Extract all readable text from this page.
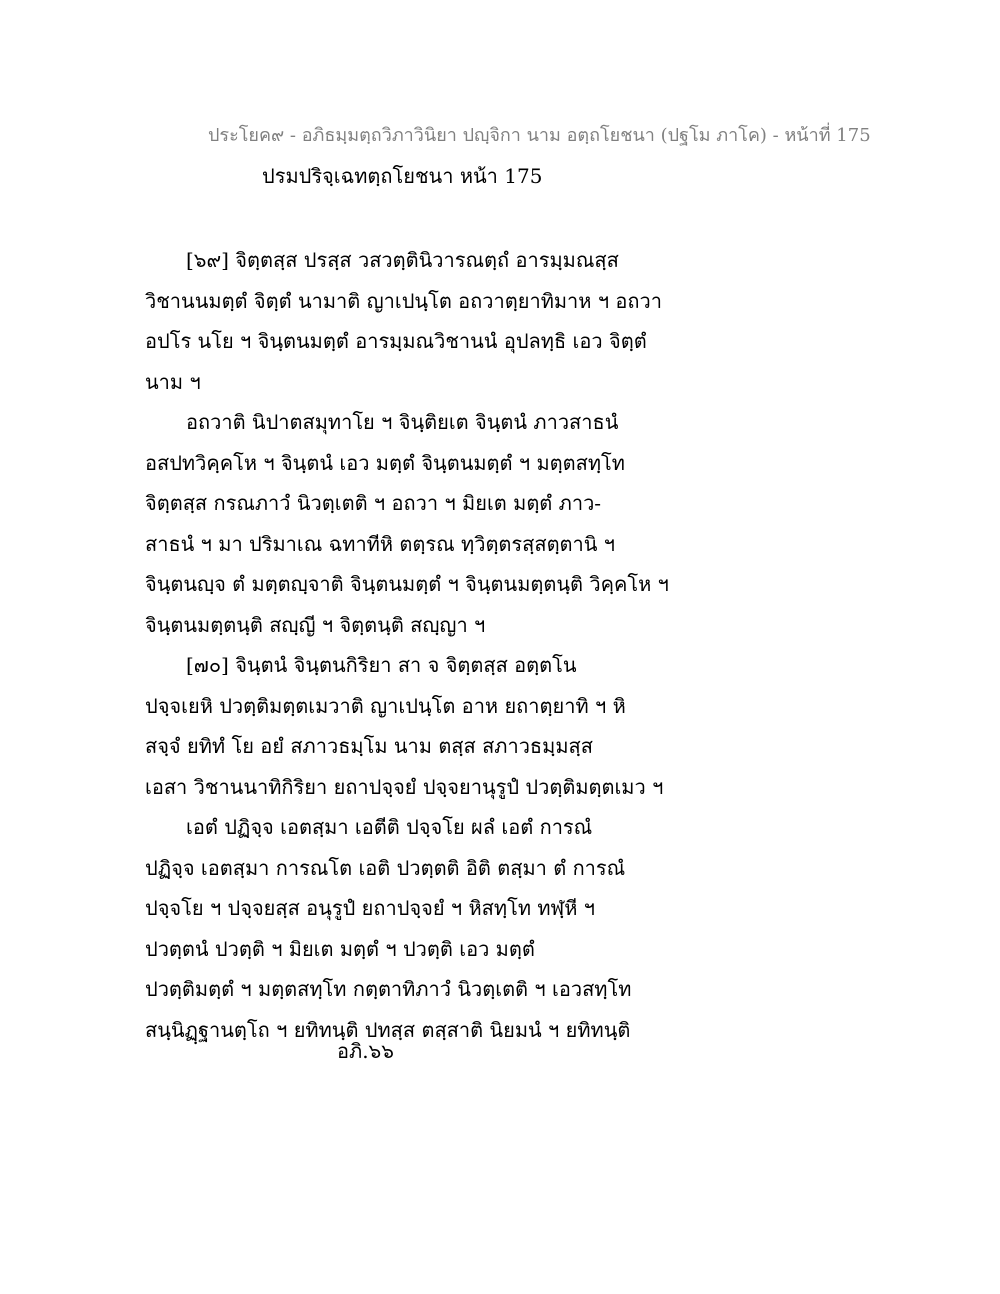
ประโยค๙ - อภิธมฺมตฺถวิภาวินิยา ปญฺจิกา นาม อตฺถโยชนา (ปฐโม ภาโค) - หน้าที่ 175
ปรมปริจฺเฉทตฺถโยชนา หน้า 175
[๖๙] จิตฺตสฺส ปรสฺส วสวตฺตินิวารณตฺถํ อารมฺมณสฺส
วิชานนมตฺตํ จิตฺตํ นามาติ ญาเปนฺโต อถวาตฺยาทิมาห ฯ อถวา
อปโร นโย ฯ จินฺตนมตฺตํ อารมฺมณวิชานนํ อุปลทฺธิ เอว จิตฺตํ
นาม ฯ
อถวาติ นิปาตสมุทาโย ฯ จินฺติยเต จินฺตนํ ภาวสาธนํ
อสปทวิคฺคโห ฯ จินฺตนํ เอว มตฺตํ จินฺตนมตฺตํ ฯ มตฺตสทฺโท
จิตฺตสฺส กรณภาวํ นิวตฺเตติ ฯ อถวา ฯ มิยเต มตฺตํ ภาว-
สาธนํ ฯ มา ปริมาเณ ฉทาทีหิ ตตฺรณ ทฺวิตฺตรสฺสตฺตานิ ฯ
จินฺตนญฺจ ตํ มตฺตญฺจาติ จินฺตนมตฺตํ ฯ จินฺตนมตฺตนฺติ วิคฺคโห ฯ
จินฺตนมตฺตนฺติ สญฺญี ฯ จิตฺตนฺติ สญฺญา ฯ
[๗๐] จินฺตนํ จินฺตนกิริยา สา จ จิตฺตสฺส อตฺตโน
ปจฺจเยหิ ปวตฺติมตฺตเมวาติ ญาเปนฺโต อาห ยถาตฺยาทิ ฯ หิ
สจฺจํ ยทิทํ โย อยํ สภาวธมฺโม นาม ตสฺส สภาวธมฺมสฺส
เอสา วิชานนาทิกิริยา ยถาปจฺจยํ ปจฺจยานุรูปํ ปวตฺติมตฺตเมว ฯ
เอตํ ปฏิจฺจ เอตสฺมา เอตีติ ปจฺจโย ผลํ เอตํ การณํ
ปฏิจฺจ เอตสฺมา การณโต เอติ ปวตฺตติ อิติ ตสฺมา ตํ การณํ
ปจฺจโย ฯ ปจฺจยสฺส อนุรูปํ ยถาปจฺจยํ ฯ หิสทฺโท ทฬฺหี ฯ
ปวตฺตนํ ปวตฺติ ฯ มิยเต มตฺตํ ฯ ปวตฺติ เอว มตฺตํ
ปวตฺติมตฺตํ ฯ มตฺตสทฺโท กตฺตาทิภาวํ นิวตฺเตติ ฯ เอวสทฺโท
สนฺนิฏฺฐานตฺโถ ฯ ยทิทนฺติ ปทสฺส ตสฺสาติ นิยมนํ ฯ ยทิทนฺติ
อภิ.๖๖
